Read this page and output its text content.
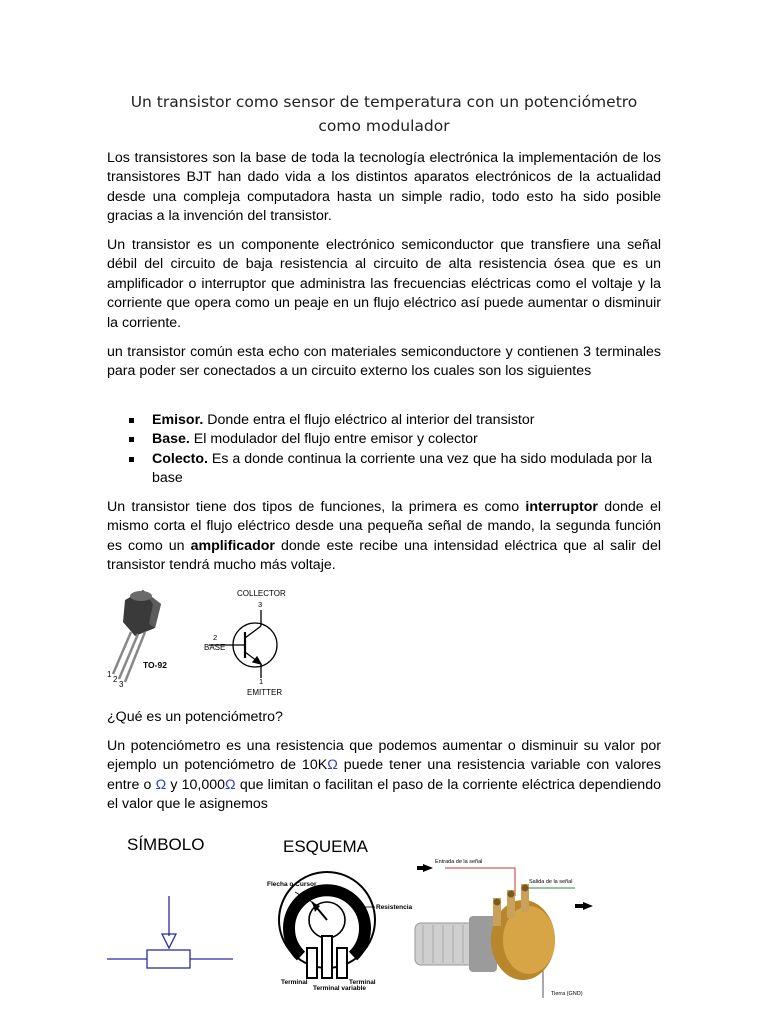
Un transistor como sensor de temperatura con un potenciómetro como modulador

Los transistores son la base de toda la tecnología electrónica la implementación de los transistores BJT han dado vida a los distintos aparatos electrónicos de la actualidad desde una compleja computadora hasta un simple radio, todo esto ha sido posible gracias a la invención del transistor.

Un transistor es un componente electrónico semiconductor que transfiere una señal débil del circuito de baja resistencia al circuito de alta resistencia ósea que es un amplificador o interruptor que administra las frecuencias eléctricas como el voltaje y la corriente que opera como un peaje en un flujo eléctrico así puede aumentar o disminuir la corriente.

un transistor común esta echo con materiales semiconductore y contienen 3 terminales para poder ser conectados a un circuito externo los cuales son los siguientes

Emisor. Donde entra el flujo eléctrico al interior del transistor
Base. El modulador del flujo entre emisor y colector
Colecto. Es a donde continua la corriente una vez que ha sido modulada por la base

Un transistor tiene dos tipos de funciones, la primera es como interruptor donde el mismo corta el flujo eléctrico desde una pequeña señal de mando, la segunda función es como un amplificador donde este recibe una intensidad eléctrica que al salir del transistor tendrá mucho más voltaje.

1
2
3
TO-92
COLLECTOR
3
2
BASE
1
EMITTER
¿Qué es un potenciómetro?

Un potenciómetro es una resistencia que podemos aumentar o disminuir su valor por ejemplo un potenciómetro de 10KΩ puede tener una resistencia variable con valores entre o Ω y 10,000Ω que limitan o facilitan el paso de la corriente eléctrica dependiendo el valor que le asignemos

SÍMBOLO	ESQUEMA
Flecha o Cursor
Resistencia
Terminal	Terminal
Terminal variable
Entrada de la señal
Salida de la señal
Tierra (GND)
